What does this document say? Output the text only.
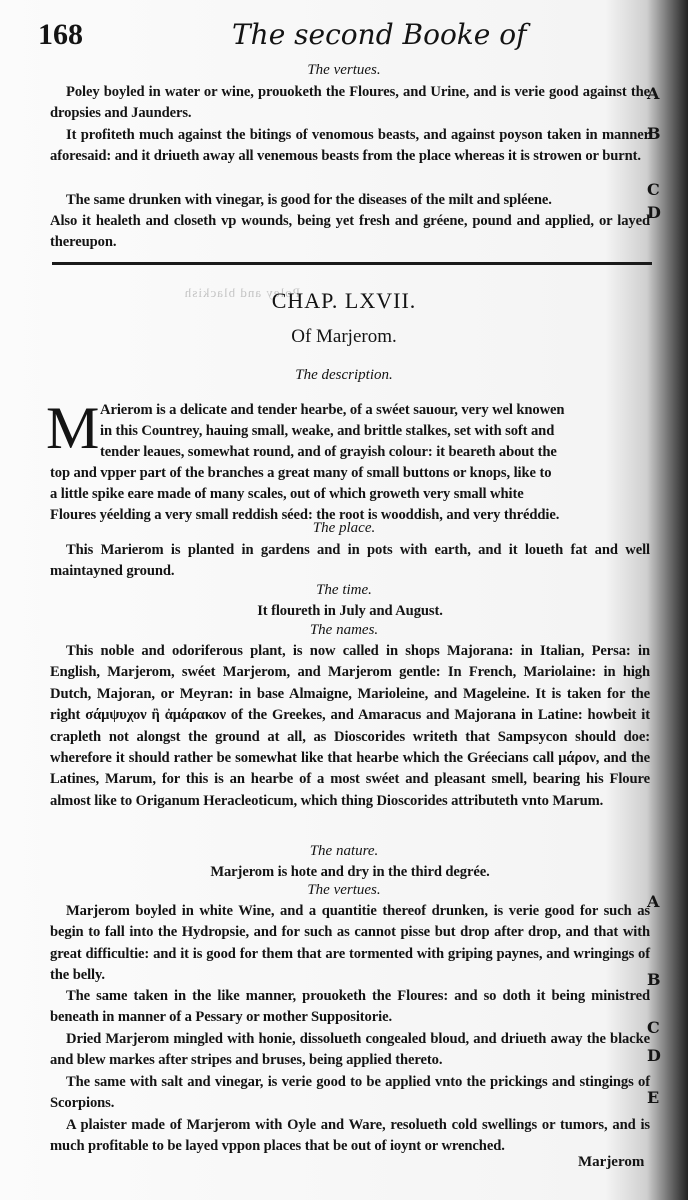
Poley and blackish
168	The second Booke of
The vertues.
Poley boyled in water or wine, prouoketh the Floures, and Urine, and is verie good against the dropsies and Jaunders.
It profiteth much against the bitings of venomous beasts, and against poyson taken in manner aforesaid: and it driueth away all venemous beasts from the place whereas it is strowen or burnt.
The same drunken with vinegar, is good for the diseases of the milt and spléene.
Also it healeth and closeth vp wounds, being yet fresh and gréene, pound and applied, or layed thereupon.
A
B
C
D
CHAP. LXVII.
Of Marjerom.
The description.
M Arierom is a delicate and tender hearbe, of a swéet sauour, very wel knowen
in this Countrey, hauing small, weake, and brittle stalkes, set with soft and
tender leaues, somewhat round, and of grayish colour: it beareth about the
top and vpper part of the branches a great many of small buttons or knops, like to
a little spike eare made of many scales, out of which groweth very small white
Floures yéelding a very small reddish séed: the root is wooddish, and very thréddie.
The place.
This Marierom is planted in gardens and in pots with earth, and it loueth fat and well maintayned ground.
The time.
It floureth in July and August.
The names.
This noble and odoriferous plant, is now called in shops Majorana: in Italian, Persa: in English, Marjerom, swéet Marjerom, and Marjerom gentle: In French, Mariolaine: in high Dutch, Majoran, or Meyran: in base Almaigne, Marioleine, and Mageleine. It is taken for the right σάμψυχον ἢ ἀμάρακον of the Greekes, and Amaracus and Majorana in Latine: howbeit it crapleth not alongst the ground at all, as Dioscorides writeth that Sampsycon should doe: wherefore it should rather be somewhat like that hearbe which the Gréecians call μάρον, and the Latines, Marum, for this is an hearbe of a most swéet and pleasant smell, bearing his Floure almost like to Origanum Heracleoticum, which thing Dioscorides attributeth vnto Marum.
The nature.
Marjerom is hote and dry in the third degrée.
The vertues.
Marjerom boyled in white Wine, and a quantitie thereof drunken, is verie good for such as begin to fall into the Hydropsie, and for such as cannot pisse but drop after drop, and that with great difficultie: and it is good for them that are tormented with griping paynes, and wringings of the belly.
The same taken in the like manner, prouoketh the Floures: and so doth it being ministred beneath in manner of a Pessary or mother Suppositorie.
Dried Marjerom mingled with honie, dissolueth congealed bloud, and driueth away the blacke and blew markes after stripes and bruses, being applied thereto.
The same with salt and vinegar, is verie good to be applied vnto the prickings and stingings of Scorpions.
A plaister made of Marjerom with Oyle and Ware, resolueth cold swellings or tumors, and is much profitable to be layed vppon places that be out of ioynt or wrenched.
A
B
C
D
E
Marjerom
